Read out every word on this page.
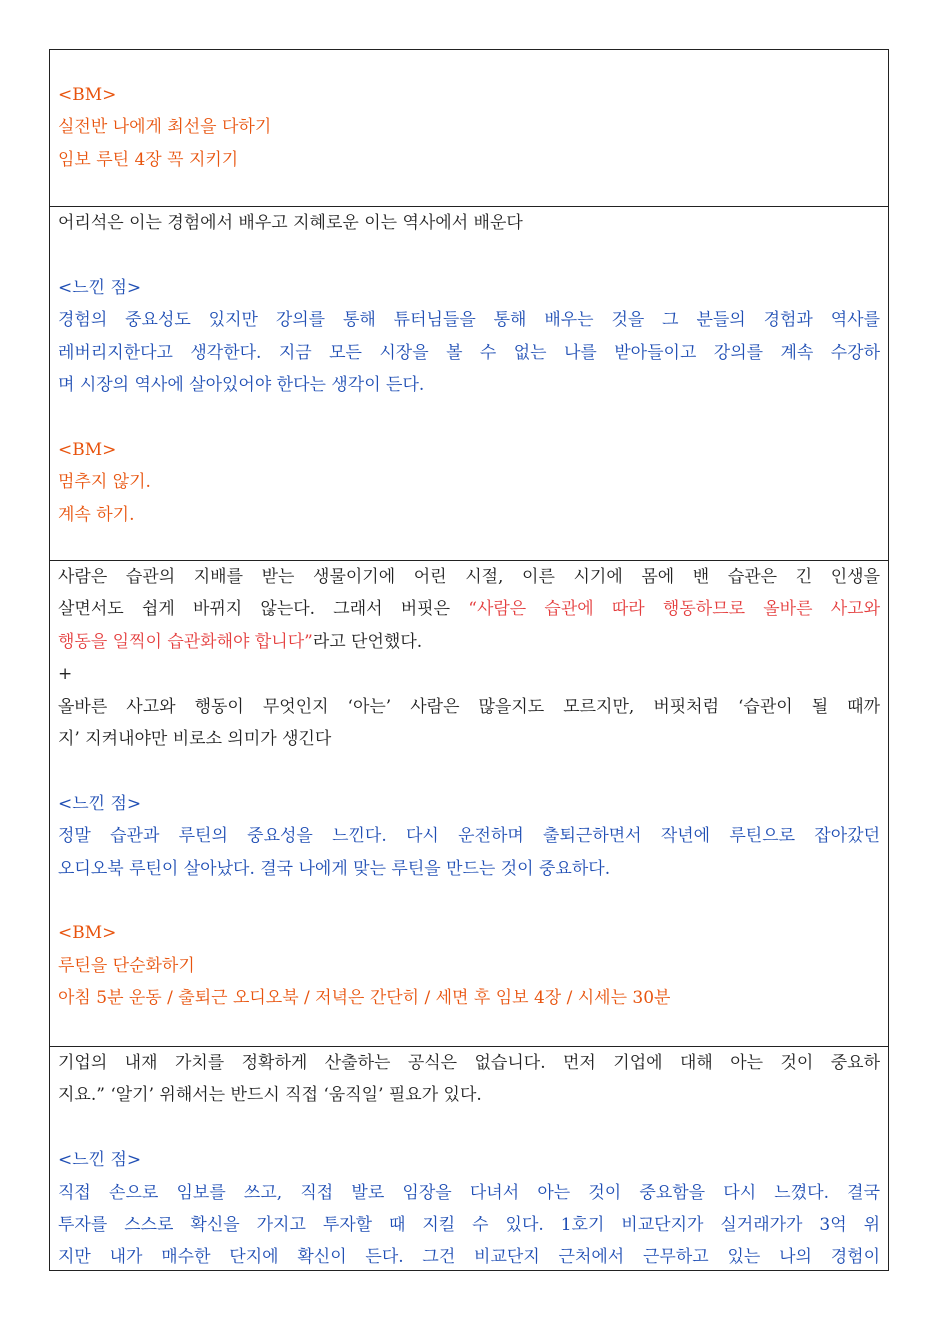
<BM>
실전반 나에게 최선을 다하기
임보 루틴 4장 꼭 지키기
어리석은 이는 경험에서 배우고 지혜로운 이는 역사에서 배운다
<느낀 점>
경험의 중요성도 있지만 강의를 통해 튜터님들을 통해 배우는 것을 그 분들의 경험과 역사를
레버리지한다고 생각한다. 지금 모든 시장을 볼 수 없는 나를 받아들이고 강의를 계속 수강하
며 시장의 역사에 살아있어야 한다는 생각이 든다.
<BM>
멈추지 않기.
계속 하기.
사람은 습관의 지배를 받는 생물이기에 어린 시절, 이른 시기에 몸에 밴 습관은 긴 인생을
살면서도 쉽게 바뀌지 않는다. 그래서 버핏은 “사람은 습관에 따라 행동하므로 올바른 사고와
행동을 일찍이 습관화해야 합니다”라고 단언했다.
+
올바른 사고와 행동이 무엇인지 ‘아는’ 사람은 많을지도 모르지만, 버핏처럼 ‘습관이 될 때까
지’ 지켜내야만 비로소 의미가 생긴다
<느낀 점>
정말 습관과 루틴의 중요성을 느낀다. 다시 운전하며 출퇴근하면서 작년에 루틴으로 잡아갔던
오디오북 루틴이 살아났다. 결국 나에게 맞는 루틴을 만드는 것이 중요하다.
<BM>
루틴을 단순화하기
아침 5분 운동 / 출퇴근 오디오북 / 저녁은 간단히 / 세면 후 임보 4장 / 시세는 30분
기업의 내재 가치를 정확하게 산출하는 공식은 없습니다. 먼저 기업에 대해 아는 것이 중요하
지요.” ‘알기’ 위해서는 반드시 직접 ‘움직일’ 필요가 있다.
<느낀 점>
직접 손으로 임보를 쓰고, 직접 발로 임장을 다녀서 아는 것이 중요함을 다시 느꼈다. 결국
투자를 스스로 확신을 가지고 투자할 때 지킬 수 있다. 1호기 비교단지가 실거래가가 3억 위
지만 내가 매수한 단지에 확신이 든다. 그건 비교단지 근처에서 근무하고 있는 나의 경험이
